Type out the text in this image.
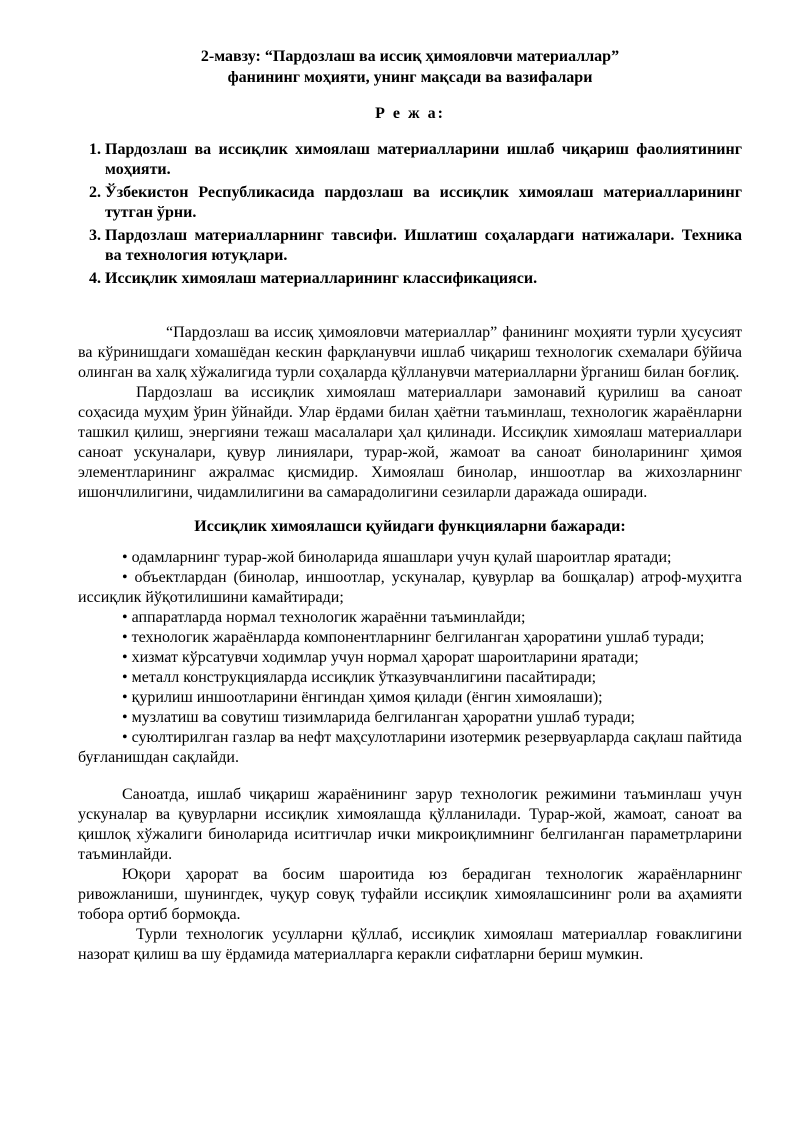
2-мавзу: “Пардозлаш ва иссиқ ҳимояловчи материаллар”

фанининг моҳияти, унинг мақсади ва вазифалари

Р е ж а:

1. Пардозлаш ва иссиқлик химоялаш материалларини ишлаб чиқариш фаолиятининг моҳияти.
2. Ўзбекистон Республикасида пардозлаш ва иссиқлик химоялаш материалларининг тутган ўрни.
3. Пардозлаш материалларнинг тавсифи. Ишлатиш соҳалардаги натижалари. Техника ва технология ютуқлари.
4. Иссиқлик химоялаш материалларининг классификацияси.

“Пардозлаш ва иссиқ ҳимояловчи материаллар” фанининг моҳияти турли ҳусусият ва кўринишдаги хомашёдан кескин фарқланувчи ишлаб чиқариш технологик схемалари бўйича олинган ва халқ хўжалигида турли соҳаларда қўлланувчи материалларни ўрганиш билан боғлиқ.

Пардозлаш ва иссиқлик химоялаш материаллари замонавий қурилиш ва саноат соҳасида муҳим ўрин ўйнайди. Улар ёрдами билан ҳаётни таъминлаш, технологик жараёнларни ташкил қилиш, энергияни тежаш масалалари ҳал қилинади. Иссиқлик химоялаш материаллари саноат ускуналари, қувур линиялари, турар-жой, жамоат ва саноат биноларининг ҳимоя элементларининг ажралмас қисмидир. Химоялаш бинолар, иншоотлар ва жихозларнинг ишончлилигини, чидамлилигини ва самарадолигини сезиларли даражада оширади.

Иссиқлик химоялашси қуйидаги функцияларни бажаради:

• одамларнинг турар-жой биноларида яшашлари учун қулай шароитлар яратади;

• объектлардан (бинолар, иншоотлар, ускуналар, қувурлар ва бошқалар) атроф-муҳитга иссиқлик йўқотилишини камайтиради;

• аппаратларда нормал технологик жараённи таъминлайди;

• технологик жараёнларда компонентларнинг белгиланган ҳароратини ушлаб туради;

• хизмат кўрсатувчи ходимлар учун нормал ҳарорат шароитларини яратади;

• металл конструкцияларда иссиқлик ўтказувчанлигини пасайтиради;

• қурилиш иншоотларини ёнгиндан ҳимоя қилади (ёнгин химоялаши);

• музлатиш ва совутиш тизимларида белгиланган ҳароратни ушлаб туради;

• суюлтирилган газлар ва нефт маҳсулотларини изотермик резервуарларда сақлаш пайтида буғланишдан сақлайди.

Саноатда, ишлаб чиқариш жараёнининг зарур технологик режимини таъминлаш учун ускуналар ва қувурларни иссиқлик химоялашда қўлланилади. Турар-жой, жамоат, саноат ва қишлоқ хўжалиги биноларида иситгичлар ички микроиқлимнинг белгиланган параметрларини таъминлайди.

Юқори ҳарорат ва босим шароитида юз берадиган технологик жараёнларнинг ривожланиши, шунингдек, чуқур совуқ туфайли иссиқлик химоялашсининг роли ва аҳамияти тобора ортиб бормоқда.

Турли технологик усулларни қўллаб, иссиқлик химоялаш материаллар ғоваклигини назорат қилиш ва шу ёрдамида материалларга керакли сифатларни бериш мумкин.
